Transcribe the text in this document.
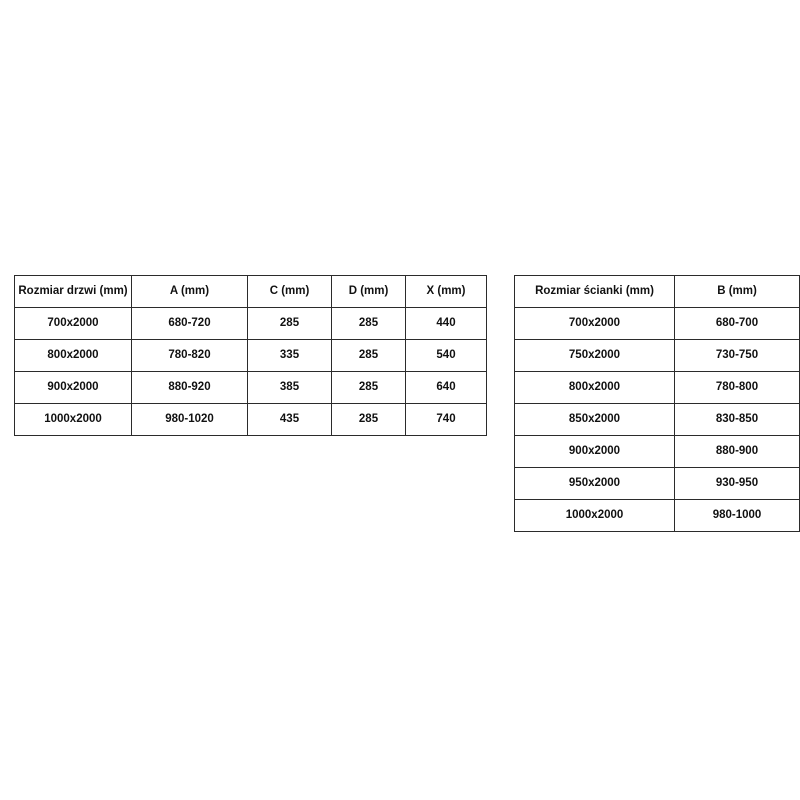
Rozmiar drzwi (mm)	A (mm)	C (mm)	D (mm)	X (mm)
700x2000	680-720	285	285	440
800x2000	780-820	335	285	540
900x2000	880-920	385	285	640
1000x2000	980-1020	435	285	740
Rozmiar ścianki (mm)	B (mm)
700x2000	680-700
750x2000	730-750
800x2000	780-800
850x2000	830-850
900x2000	880-900
950x2000	930-950
1000x2000	980-1000
